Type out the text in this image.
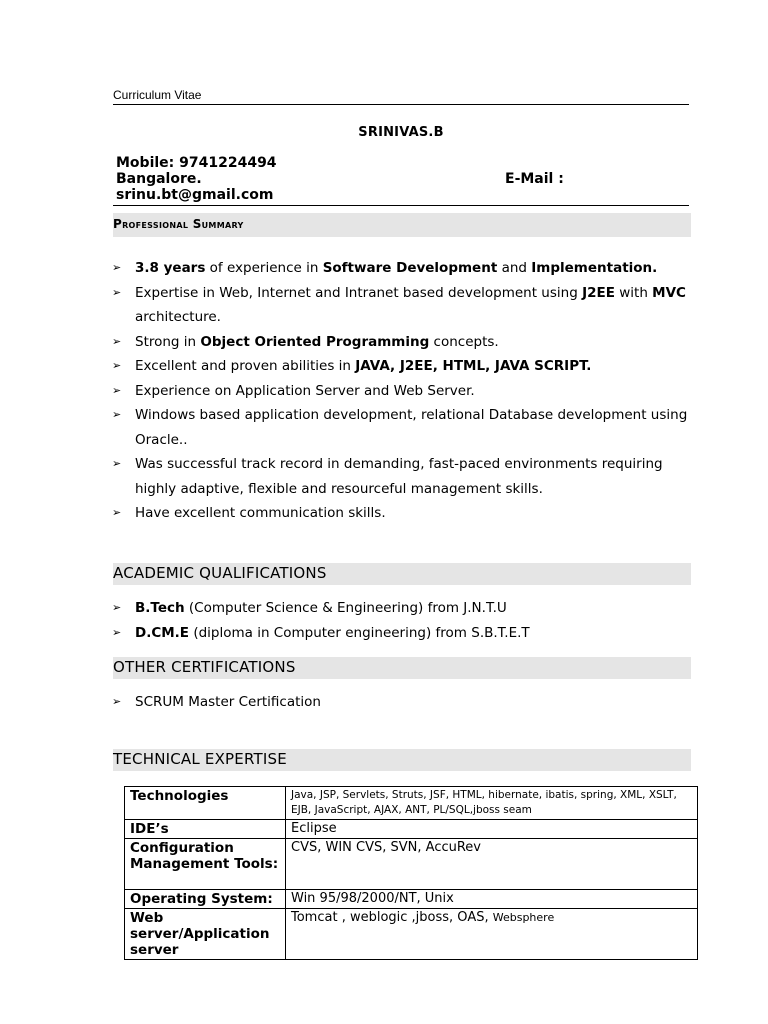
Curriculum Vitae
SRINIVAS.B
Mobile: 9741224494
Bangalore.
srinu.bt@gmail.com
E-Mail :
Professional Summary
➢	3.8 years of experience in Software Development and Implementation.
➢	Expertise in Web, Internet and Intranet based development using J2EE with MVC architecture.
➢	Strong in Object Oriented Programming concepts.
➢	Excellent and proven abilities in JAVA, J2EE, HTML, JAVA SCRIPT.
➢	Experience on Application Server and Web Server.
➢	Windows based application development, relational Database development using Oracle..
➢	Was successful track record in demanding, fast-paced environments requiring highly adaptive, flexible and resourceful management skills.
➢	Have excellent communication skills.
ACADEMIC QUALIFICATIONS
➢	B.Tech (Computer Science & Engineering) from J.N.T.U
➢	D.CM.E (diploma in Computer engineering) from S.B.T.E.T
OTHER CERTIFICATIONS
➢	SCRUM Master Certification
TECHNICAL EXPERTISE
Technologies	Java, JSP, Servlets, Struts, JSF, HTML, hibernate, ibatis, spring, XML, XSLT, EJB, JavaScript, AJAX, ANT, PL/SQL,jboss seam
IDE’s	Eclipse
Configuration Management Tools:	CVS, WIN CVS, SVN, AccuRev
Operating System:	Win 95/98/2000/NT, Unix
Web server/Application server	Tomcat , weblogic ,jboss, OAS, Websphere
